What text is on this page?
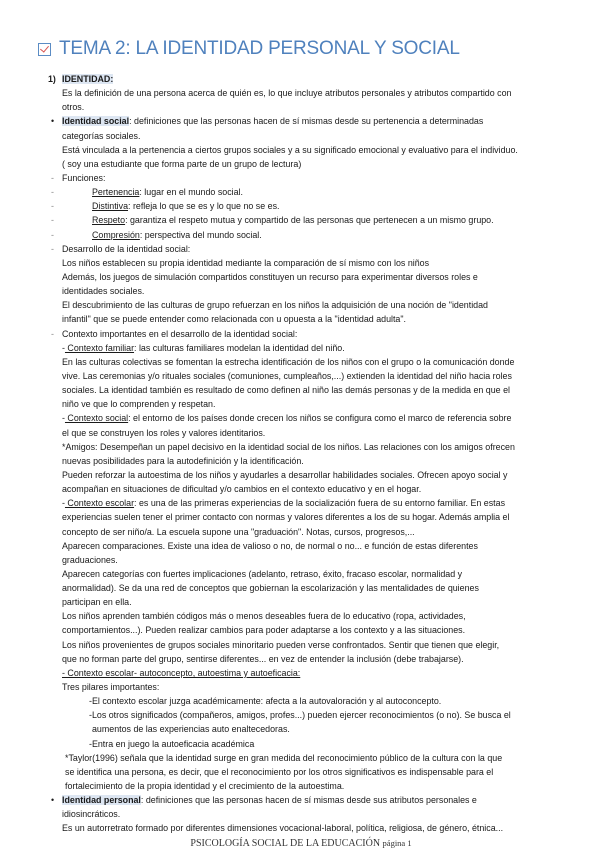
TEMA 2: LA IDENTIDAD PERSONAL Y SOCIAL
1) IDENTIDAD:
Es la definición de una persona acerca de quién es, lo que incluye atributos personales y atributos compartido con
otros.
• Identidad social: definiciones que las personas hacen de sí mismas desde su pertenencia a determinadas
categorías sociales.
Está vinculada a la pertenencia a ciertos grupos sociales y a su significado emocional y evaluativo para el individuo.
( soy una estudiante que forma parte de un grupo de lectura)
- Funciones:
-	Pertenencia: lugar en el mundo social.
-	Distintiva: refleja lo que se es y lo que no se es.
-	Respeto: garantiza el respeto mutua y compartido de las personas que pertenecen a un mismo grupo.
-	Compresión: perspectiva del mundo social.
- Desarrollo de la identidad social:
Los niños establecen su propia identidad mediante la comparación de sí mismo con los niños
Además, los juegos de simulación compartidos constituyen un recurso para experimentar diversos roles e
identidades sociales.
El descubrimiento de las culturas de grupo refuerzan en los niños la adquisición de una noción de "identidad
infantil" que se puede entender como relacionada con u opuesta a la "identidad adulta".
- Contexto importantes en el desarrollo de la identidad social:
- Contexto familiar: las culturas familiares modelan la identidad del niño.
En las culturas colectivas se fomentan la estrecha identificación de los niños con el grupo o la comunicación donde
vive. Las ceremonias y/o rituales sociales (comuniones, cumpleaños,...) extienden la identidad del niño hacia roles
sociales. La identidad también es resultado de como definen al niño las demás personas y de la medida en que el
niño ve que lo comprenden y respetan.
- Contexto social: el entorno de los países donde crecen los niños se configura como el marco de referencia sobre
el que se construyen los roles y valores identitarios.
*Amigos: Desempeñan un papel decisivo en la identidad social de los niños. Las relaciones con los amigos ofrecen
nuevas posibilidades para la autodefinición y la identificación.
Pueden reforzar la autoestima de los niños y ayudarles a desarrollar habilidades sociales. Ofrecen apoyo social y
acompañan en situaciones de dificultad y/o cambios en el contexto educativo y en el hogar.
- Contexto escolar: es una de las primeras experiencias de la socialización fuera de su entorno familiar. En estas
experiencias suelen tener el primer contacto con normas y valores diferentes a los de su hogar. Además amplia el
concepto de ser niño/a. La escuela supone una "graduación". Notas, cursos, progresos,...
Aparecen comparaciones. Existe una idea de valioso o no, de normal o no... e función de estas diferentes
graduaciones.
Aparecen categorías con fuertes implicaciones (adelanto, retraso, éxito, fracaso escolar, normalidad y
anormalidad). Se da una red de conceptos que gobiernan la escolarización y las mentalidades de quienes
participan en ella.
Los niños aprenden también códigos más o menos deseables fuera de lo educativo (ropa, actividades,
comportamientos...). Pueden realizar cambios para poder adaptarse a los contexto y a las situaciones.
Los niños provenientes de grupos sociales minoritario pueden verse confrontados. Sentir que tienen que elegir,
que no forman parte del grupo, sentirse diferentes... en vez de entender la inclusión (debe trabajarse).
- Contexto escolar- autoconcepto, autoestima y autoeficacia:
Tres pilares importantes:
-El contexto escolar juzga académicamente: afecta a la autovaloración y al autoconcepto.
-Los otros significados (compañeros, amigos, profes...) pueden ejercer reconocimientos (o no). Se busca el
aumentos de las experiencias auto enaltecedoras.
-Entra en juego la autoeficacia académica
*Taylor(1996) señala que la identidad surge en gran medida del reconocimiento público de la cultura con la que
se identifica una persona, es decir, que el reconocimiento por los otros significativos es indispensable para el
fortalecimiento de la propia identidad y el crecimiento de la autoestima.
• Identidad personal: definiciones que las personas hacen de sí mismas desde sus atributos personales e
idiosincráticos.
Es un autorretrato formado por diferentes dimensiones vocacional-laboral, política, religiosa, de género, étnica...
PSICOLOGÍA SOCIAL DE LA EDUCACIÓN página 1
